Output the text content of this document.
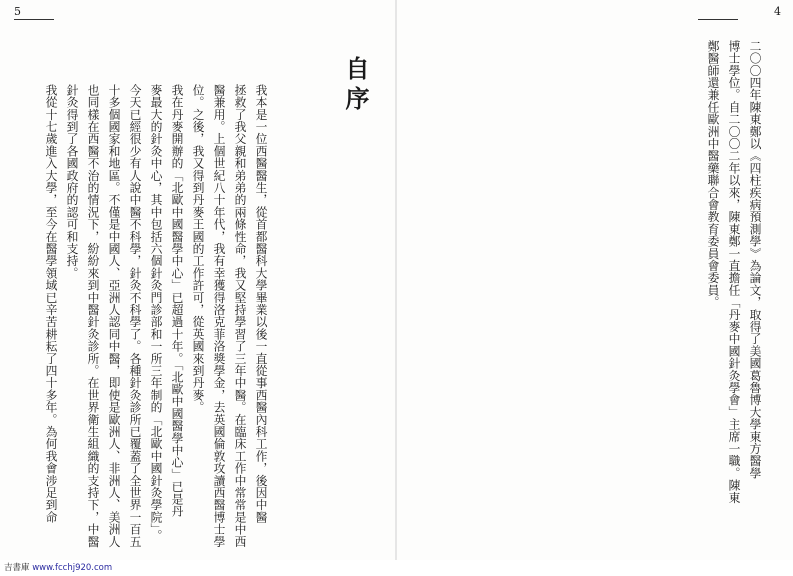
5	4
二〇〇四年陳東鄭以《四柱疾病預測學》為論文，取得了美國葛魯博大學東方醫學
博士學位。自二〇〇二年以來，陳東鄭一直擔任「丹麥中國針灸學會」主席一職。陳東
鄭醫師還兼任歐洲中醫藥聯合會教育委員會委員。
自序
我本是一位西醫醫生，從首都醫科大學畢業以後一直從事西醫內科工作，後因中醫
拯救了我父親和弟弟的兩條性命，我又堅持學習了三年中醫。在臨床工作中常常是中西
醫兼用。上個世紀八十年代，我有幸獲得洛克菲洛獎學金，去英國倫敦攻讀西醫博士學
位。之後，我又得到丹麥王國的工作許可，從英國來到丹麥。
我在丹麥開辦的「北歐中國醫學中心」已超過十年。「北歐中國醫學中心」已是丹
麥最大的針灸中心，其中包括六個針灸門診部和一所三年制的「北歐中國針灸學院」。
今天已經很少有人說中醫不科學，針灸不科學了。各種針灸診所已覆蓋了全世界一百五
十多個國家和地區。不僅是中國人、亞洲人認同中醫，即使是歐洲人、非洲人、美洲人
也同樣在西醫不治的情況下，紛紛來到中醫針灸診所。在世界衛生組織的支持下，中醫
針灸得到了各國政府的認可和支持。
我從十七歲進入大學，至今在醫學領域已辛苦耕耘了四十多年。為何我會涉足到命
吉書庫 www.fcchj920.com
